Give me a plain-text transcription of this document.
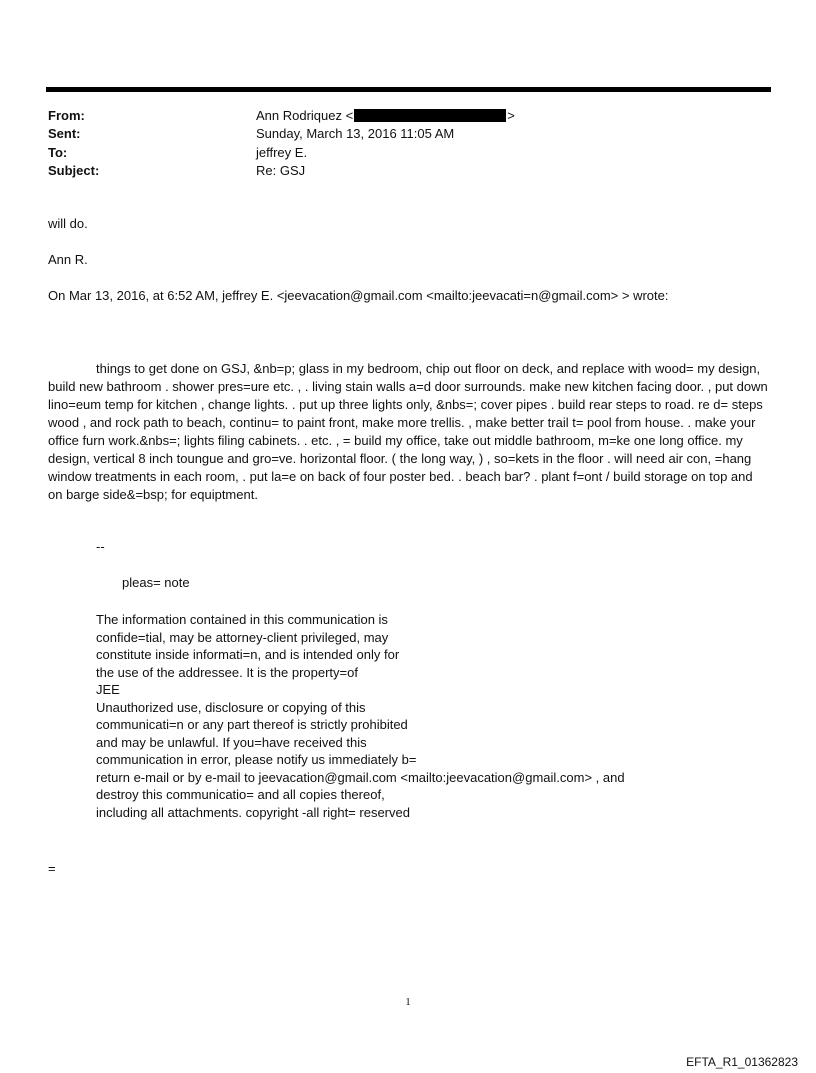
From:	Ann Rodriquez <	>
Sent:	Sunday, March 13, 2016 11:05 AM
To:	jeffrey E.
Subject:	Re: GSJ
will do.
Ann R.
On Mar 13, 2016, at 6:52 AM, jeffrey E. <jeevacation@gmail.com <mailto:jeevacati=n@gmail.com> > wrote:

things to get done on GSJ, &nb=p; glass in my bedroom, chip out floor on deck, and replace with wood= my design, build new bathroom . shower pres=ure etc. , . living stain walls a=d door surrounds. make new kitchen facing door. , put down lino=eum temp for kitchen , change lights. . put up three lights only, &nbs=; cover pipes . build rear steps to road. re d= steps wood , and rock path to beach, continu= to paint front, make more trellis. , make better trail t= pool from house. . make your office furn work.&nbs=; lights filing cabinets. . etc. , = build my office, take out middle bathroom, m=ke one long office. my design, vertical 8 inch toungue and gro=ve. horizontal floor. ( the long way, ) , so=kets in the floor . will need air con, =hang window treatments in each room, . put la=e on back of four poster bed. . beach bar? . plant f=ont / build storage on top and on barge side&=bsp; for equiptment.

--
pleas= note
The information contained in this communication is
confide=tial, may be attorney-client privileged, may
constitute inside informati=n, and is intended only for
the use of the addressee. It is the property=of
JEE
Unauthorized use, disclosure or copying of this
communicati=n or any part thereof is strictly prohibited
and may be unlawful. If you=have received this
communication in error, please notify us immediately b=
return e-mail or by e-mail to jeevacation@gmail.com <mailto:jeevacation@gmail.com> , and
destroy this communicatio= and all copies thereof,
including all attachments. copyright -all right= reserved
=
1
EFTA_R1_01362823
